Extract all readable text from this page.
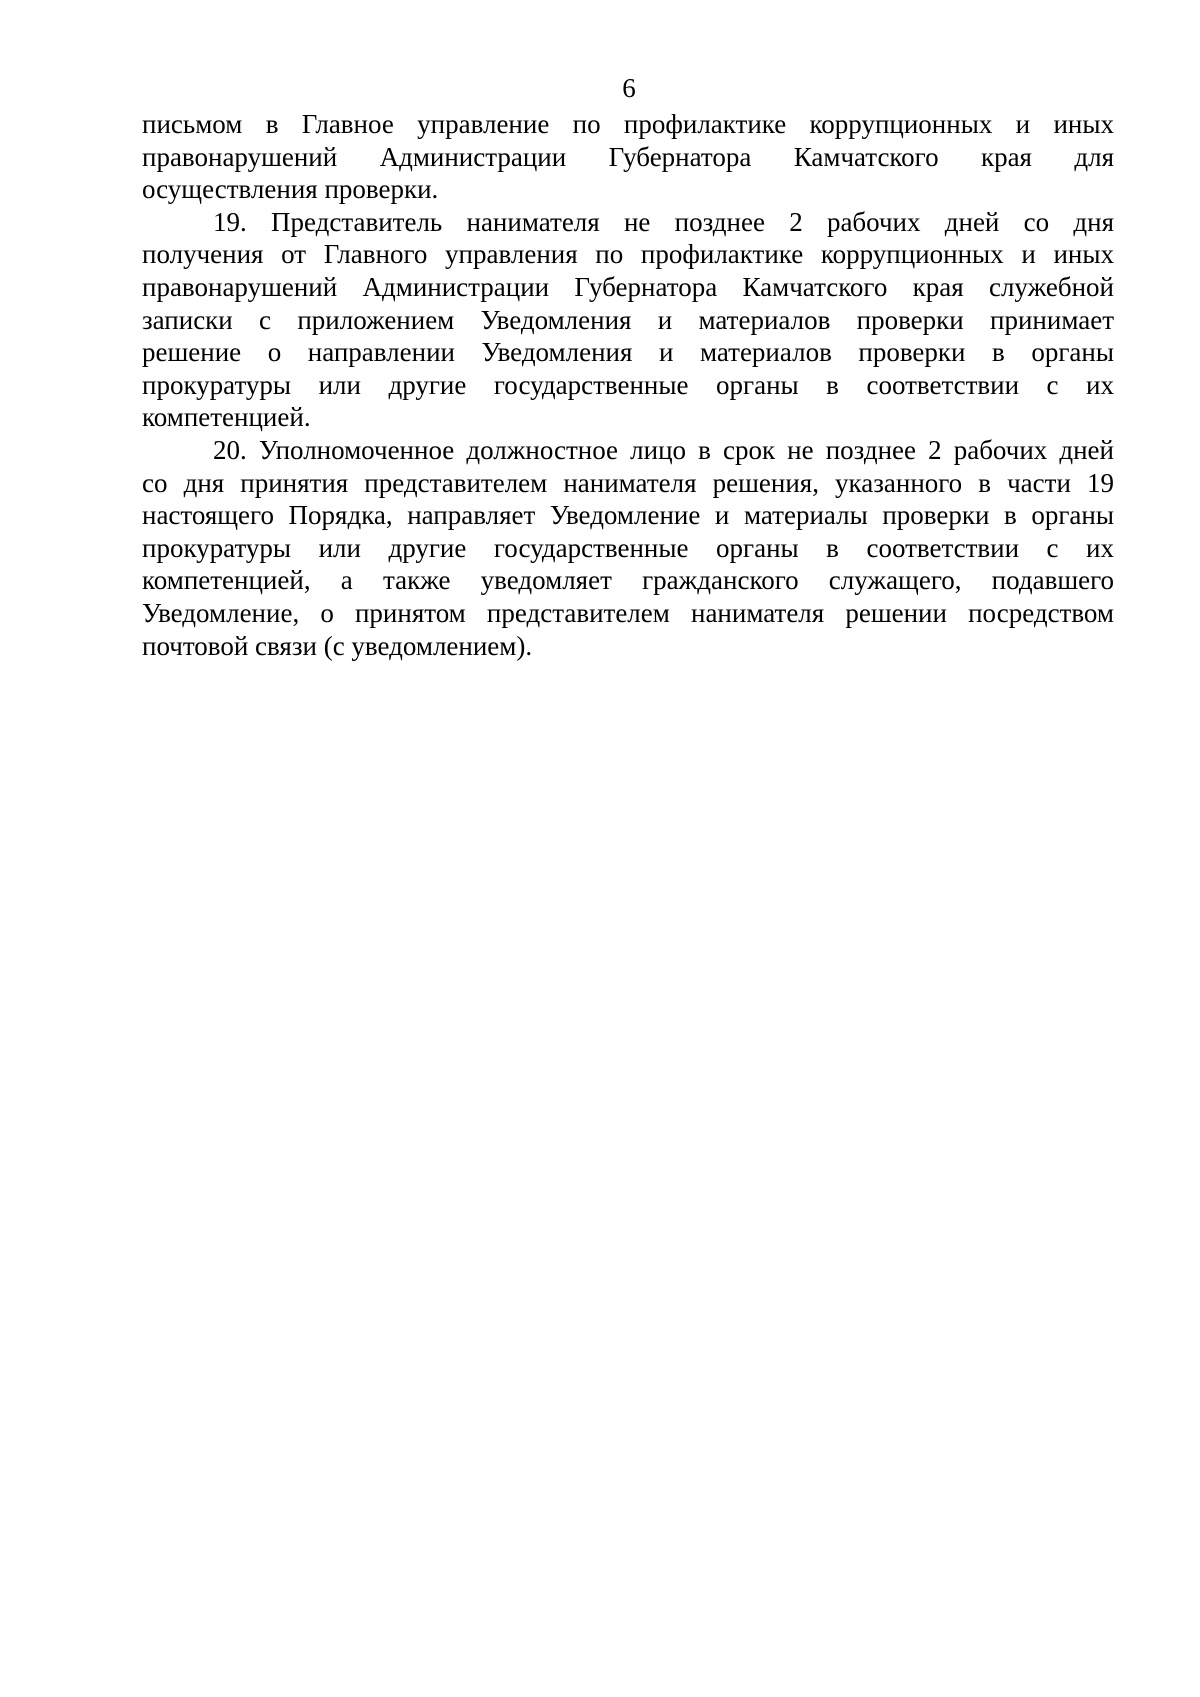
6
письмом в Главное управление по профилактике коррупционных и иных
правонарушений Администрации Губернатора Камчатского края для
осуществления проверки.
19. Представитель нанимателя не позднее 2 рабочих дней со дня
получения от Главного управления по профилактике коррупционных и иных
правонарушений Администрации Губернатора Камчатского края служебной
записки с приложением Уведомления и материалов проверки принимает
решение о направлении Уведомления и материалов проверки в органы
прокуратуры или другие государственные органы в соответствии с их
компетенцией.
20. Уполномоченное должностное лицо в срок не позднее 2 рабочих дней
со дня принятия представителем нанимателя решения, указанного в части 19
настоящего Порядка, направляет Уведомление и материалы проверки в органы
прокуратуры или другие государственные органы в соответствии с их
компетенцией, а также уведомляет гражданского служащего, подавшего
Уведомление, о принятом представителем нанимателя решении посредством
почтовой связи (с уведомлением).
